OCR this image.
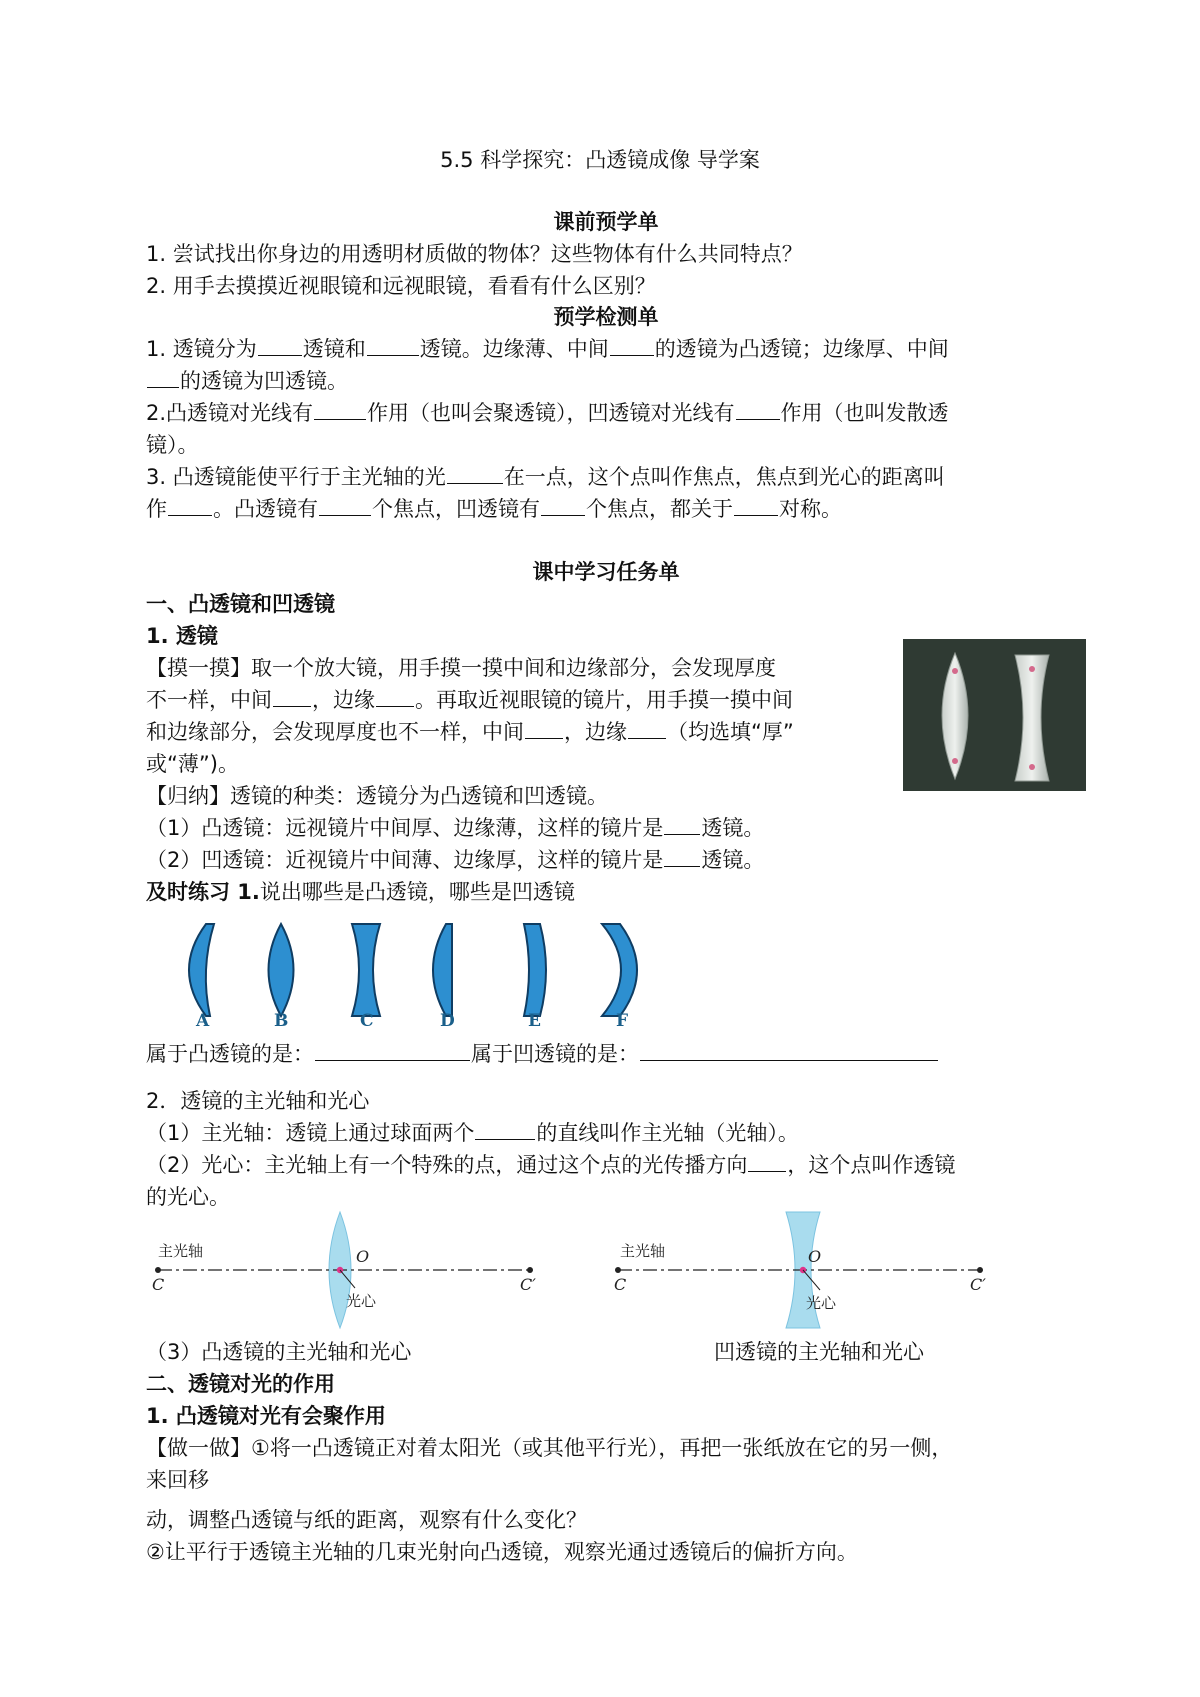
5.5 科学探究：凸透镜成像 导学案
课前预学单
1. 尝试找出你身边的用透明材质做的物体？这些物体有什么共同特点？
2. 用手去摸摸近视眼镜和远视眼镜，看看有什么区别？
预学检测单
1. 透镜分为 透镜和	透镜。边缘薄、中间 的透镜为凸透镜；边缘厚、中间
的透镜为凹透镜。
2.凸透镜对光线有	作用（也叫会聚透镜），凹透镜对光线有 作用（也叫发散透
镜）。
3. 凸透镜能使平行于主光轴的光	在一点，这个点叫作焦点，焦点到光心的距离叫
作 。凸透镜有	个焦点，凹透镜有 个焦点，都关于 对称。
课中学习任务单
一、凸透镜和凹透镜
1. 透镜
【摸一摸】取一个放大镜，用手摸一摸中间和边缘部分，会发现厚度
不一样，中间 ，边缘 。再取近视眼镜的镜片，用手摸一摸中间
和边缘部分，会发现厚度也不一样，中间 ，边缘 （均选填“厚”
或“薄”)。
【归纳】透镜的种类：透镜分为凸透镜和凹透镜。
（1）凸透镜：远视镜片中间厚、边缘薄，这样的镜片是 透镜。
（2）凹透镜：近视镜片中间薄、边缘厚，这样的镜片是 透镜。
及时练习 1.说出哪些是凸透镜，哪些是凹透镜
属于凸透镜的是：	属于凹透镜的是：
2．透镜的主光轴和光心
（1）主光轴：透镜上通过球面两个	的直线叫作主光轴（光轴）。
（2）光心：主光轴上有一个特殊的点，通过这个点的光传播方向 ，这个点叫作透镜
的光心。
（3）凸透镜的主光轴和光心	凹透镜的主光轴和光心
二、透镜对光的作用
1. 凸透镜对光有会聚作用
【做一做】①将一凸透镜正对着太阳光（或其他平行光），再把一张纸放在它的另一侧，
来回移
动，调整凸透镜与纸的距离，观察有什么变化？
②让平行于透镜主光轴的几束光射向凸透镜，观察光通过透镜后的偏折方向。
A	B	C	D	E	F
主光轴	O
C	C′
光心
主光轴	O
C	C′
光心
